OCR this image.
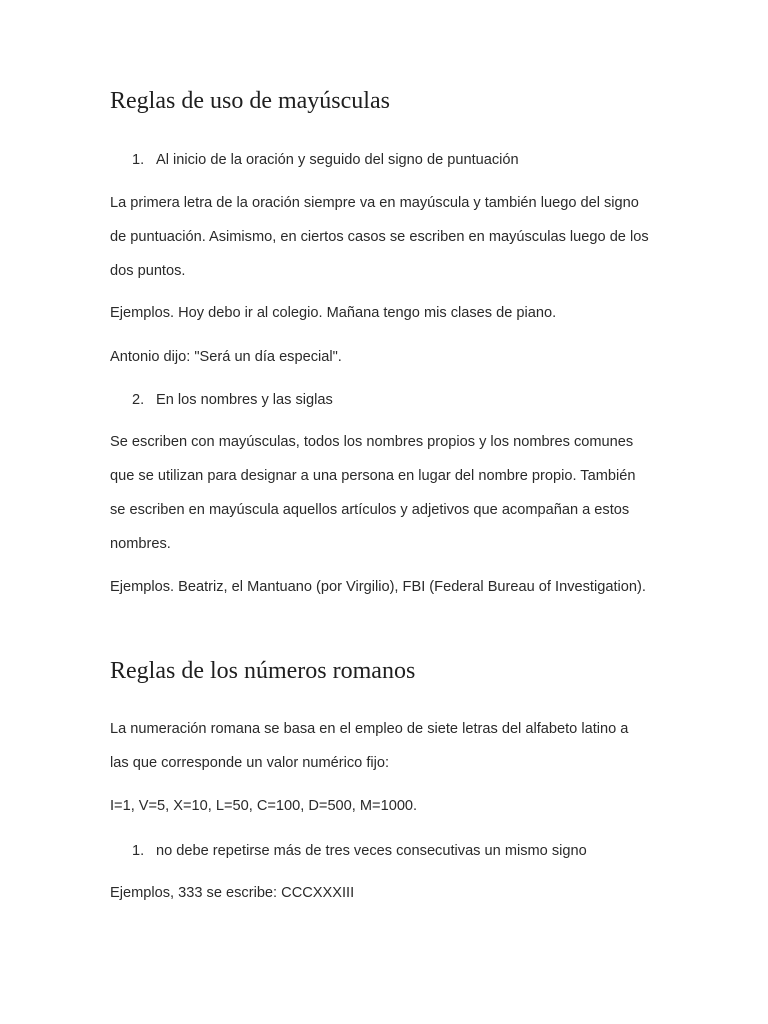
Reglas de uso de mayúsculas
1. Al inicio de la oración y seguido del signo de puntuación

La primera letra de la oración siempre va en mayúscula y también luego del signo de puntuación. Asimismo, en ciertos casos se escriben en mayúsculas luego de los dos puntos.

Ejemplos. Hoy debo ir al colegio. Mañana tengo mis clases de piano.

Antonio dijo: "Será un día especial".

2. En los nombres y las siglas

Se escriben con mayúsculas, todos los nombres propios y los nombres comunes que se utilizan para designar a una persona en lugar del nombre propio. También se escriben en mayúscula aquellos artículos y adjetivos que acompañan a estos nombres.

Ejemplos. Beatriz, el Mantuano (por Virgilio), FBI (Federal Bureau of Investigation).

Reglas de los números romanos

La numeración romana se basa en el empleo de siete letras del alfabeto latino a las que corresponde un valor numérico fijo:

I=1, V=5, X=10, L=50, C=100, D=500, M=1000.

1. no debe repetirse más de tres veces consecutivas un mismo signo

Ejemplos, 333 se escribe: CCCXXXIII
